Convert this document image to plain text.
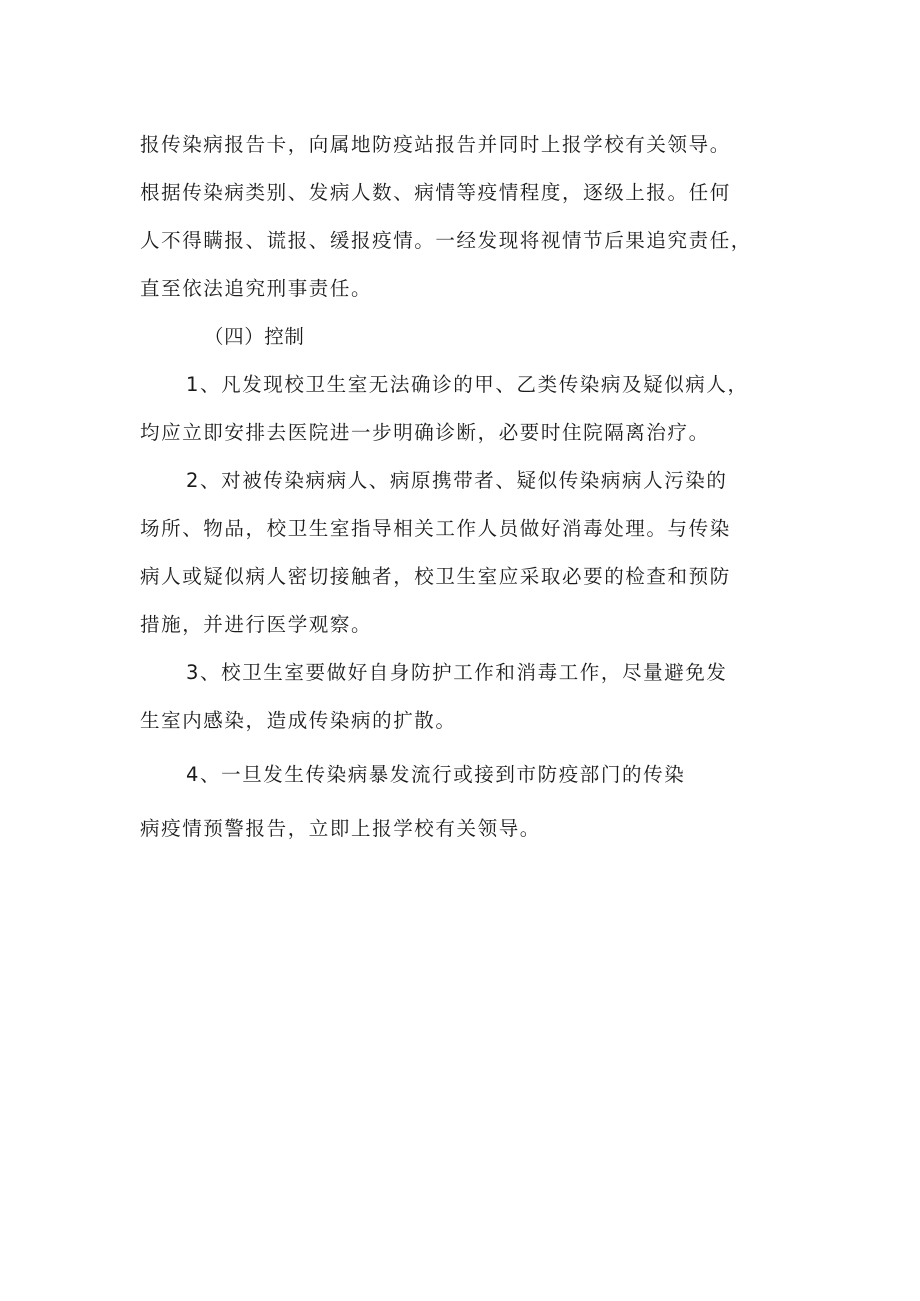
报传染病报告卡，向属地防疫站报告并同时上报学校有关领导。
根据传染病类别、发病人数、病情等疫情程度，逐级上报。任何
人不得瞒报、谎报、缓报疫情。一经发现将视情节后果追究责任，
直至依法追究刑事责任。
（四）控制
1、凡发现校卫生室无法确诊的甲、乙类传染病及疑似病人，
均应立即安排去医院进一步明确诊断，必要时住院隔离治疗。
2、对被传染病病人、病原携带者、疑似传染病病人污染的
场所、物品，校卫生室指导相关工作人员做好消毒处理。与传染
病人或疑似病人密切接触者，校卫生室应采取必要的检查和预防
措施，并进行医学观察。
3、校卫生室要做好自身防护工作和消毒工作，尽量避免发
生室内感染，造成传染病的扩散。
4、一旦发生传染病暴发流行或接到市防疫部门的传染
病疫情预警报告，立即上报学校有关领导。
